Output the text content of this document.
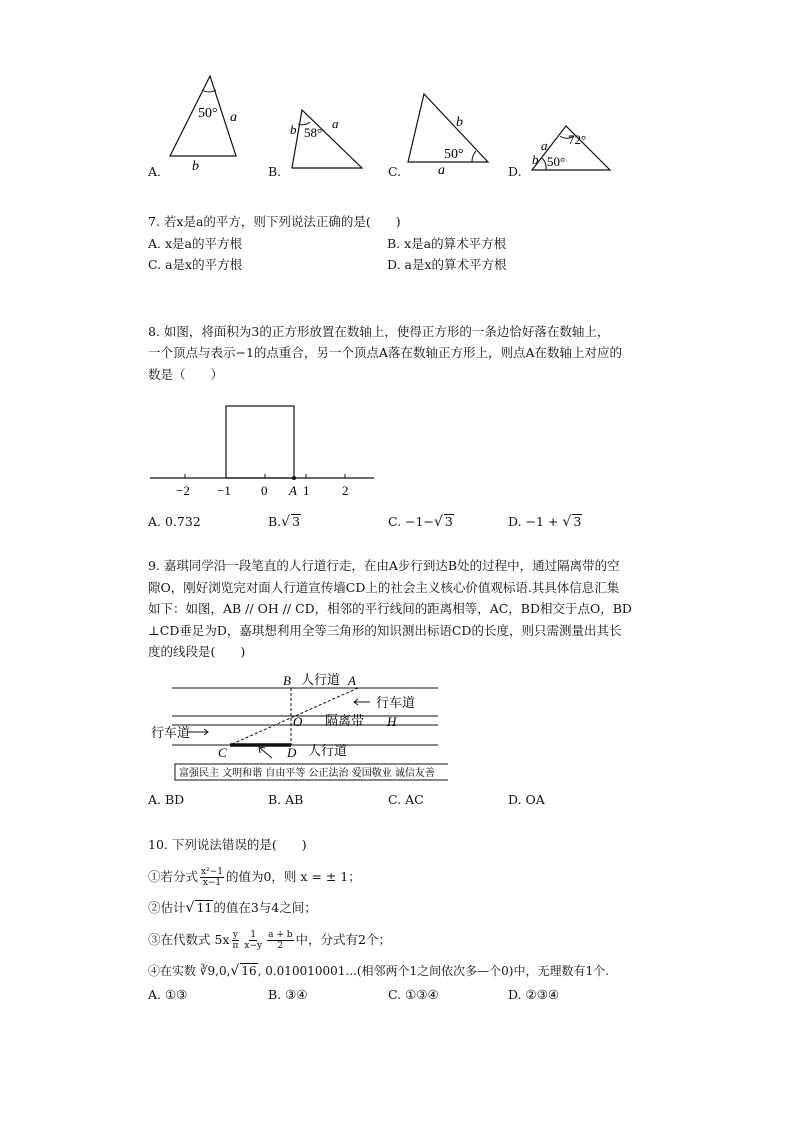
50° a
b
58°
b	a	b
50°
a
72°
50°
a
b
A.	B.	C.	D.
7. 若x是a的平方，则下列说法正确的是(　　)
A. x是a的平方根	B. x是a的算术平方根
C. a是x的平方根	D. a是x的算术平方根
8. 如图，将面积为3的正方形放置在数轴上，使得正方形的一条边恰好落在数轴上，
一个顶点与表示−1的点重合，另一个顶点A落在数轴正方形上，则点A在数轴上对应的
数是（　　）
−2 −1 0 A 1	2
A. 0.732	B.√ 3	C. −1−√ 3	D. −1 + √ 3
9. 嘉琪同学沿一段笔直的人行道行走，在由A步行到达B处的过程中，通过隔离带的空
隙O，刚好浏览完对面人行道宣传墙CD上的社会主义核心价值观标语.其具体信息汇集
如下：如图，AB // OH // CD，相邻的平行线间的距离相等，AC，BD相交于点O，BD
⊥CD垂足为D，嘉琪想利用全等三角形的知识测出标语CD的长度，则只需测量出其长
度的线段是(　　)
B	A
O	H
C	D
人行道
行车道
行车道
隔离带
人行道
富强民主 文明和谐 自由平等 公正法治 爱国敬业 诚信友善
A. BD	B. AB	C. AC	D. OA
10. 下列说法错误的是(　　)
①若分式 $\frac{\text{x²−1}}{x-1}$ 的值为0，则 x = ± 1；
②估计√ 11的值在3与4之间；
③在代数式 $5x \frac{y}{\pi} \frac{1}{x-y} \frac{a + b}{2}$ 中，分式有2个；
④在实数 ∛9,0,√ 16, 0.010010001...(相邻两个1之间依次多—个0)中，无理数有1个.
A. ①③	B. ③④	C. ①③④	D. ②③④
